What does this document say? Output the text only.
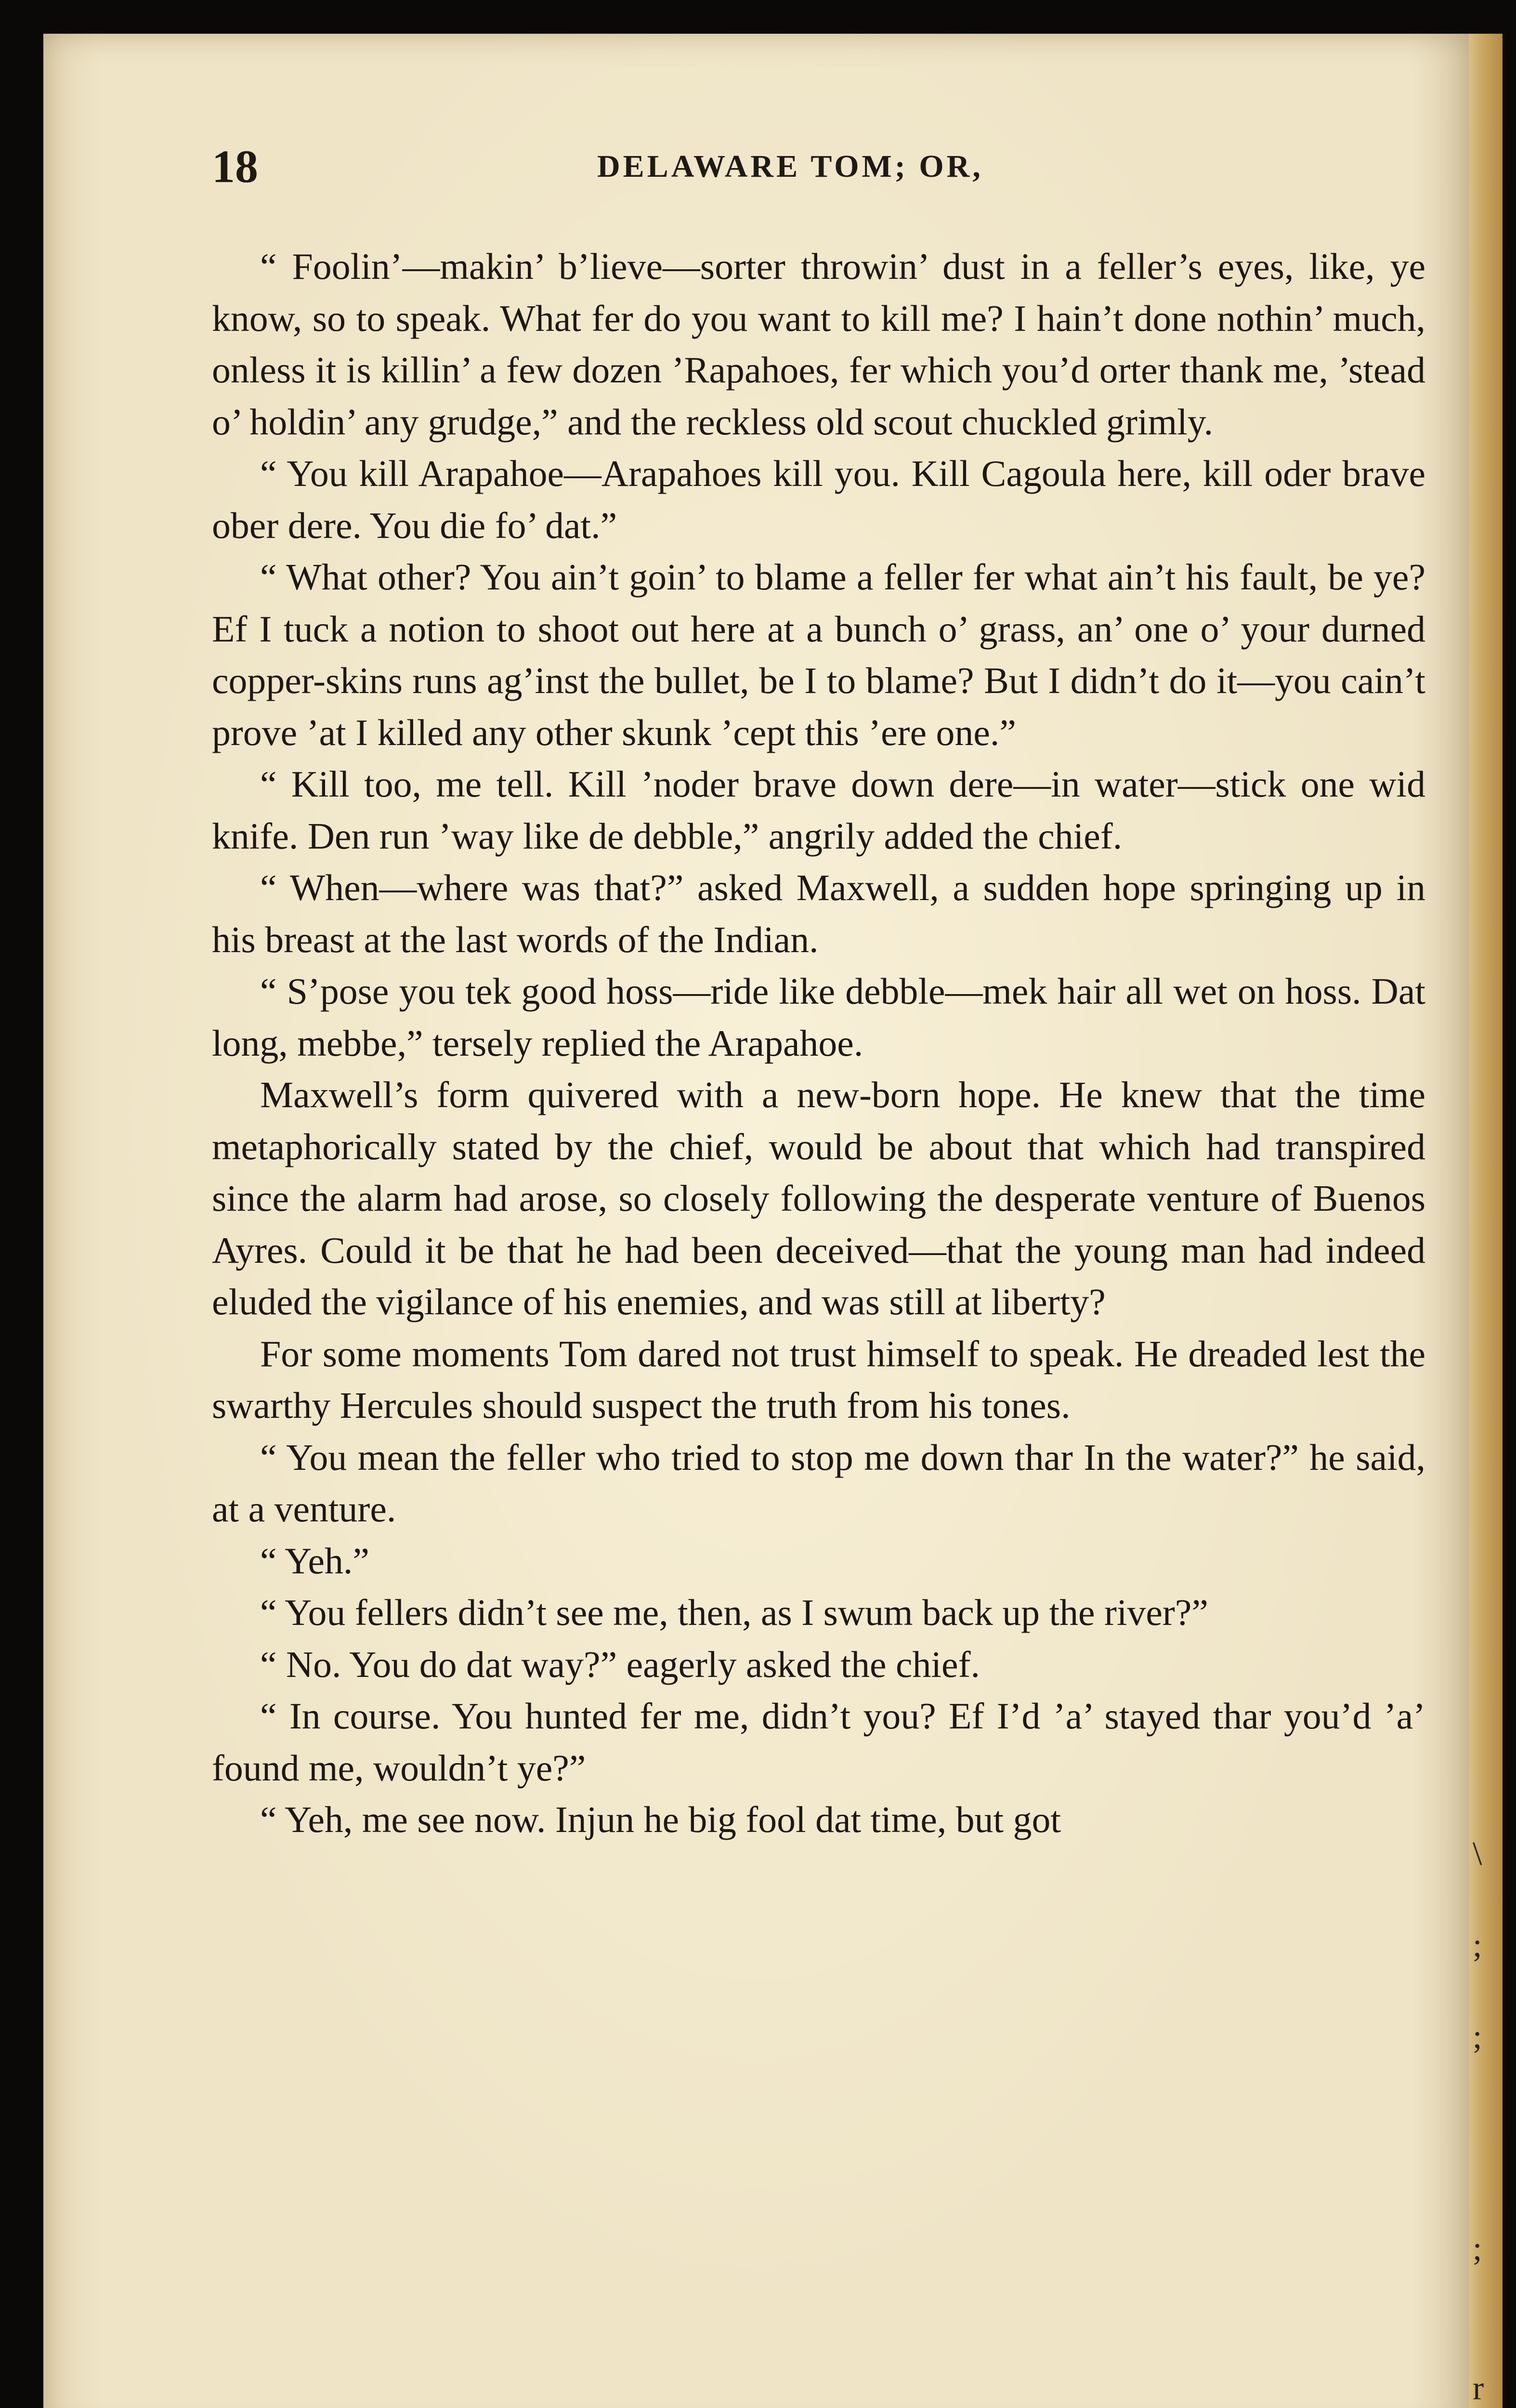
\
;
;
;
r
18	DELAWARE TOM; OR,

“ Foolin’—makin’ b’lieve—sorter throwin’ dust in a feller’s eyes, like, ye know, so to speak. What fer do you want to kill me? I hain’t done nothin’ much, onless it is killin’ a few dozen ’Rapahoes, fer which you’d orter thank me, ’stead o’ holdin’ any grudge,” and the reckless old scout chuckled grimly.

“ You kill Arapahoe—Arapahoes kill you. Kill Cagoula here, kill oder brave ober dere. You die fo’ dat.”

“ What other? You ain’t goin’ to blame a feller fer what ain’t his fault, be ye? Ef I tuck a notion to shoot out here at a bunch o’ grass, an’ one o’ your durned copper-skins runs ag’inst the bullet, be I to blame? But I didn’t do it—you cain’t prove ’at I killed any other skunk ’cept this ’ere one.”

“ Kill too, me tell. Kill ’noder brave down dere—in water—stick one wid knife. Den run ’way like de debble,” angrily added the chief.

“ When—where was that?” asked Maxwell, a sudden hope springing up in his breast at the last words of the Indian.

“ S’pose you tek good hoss—ride like debble—mek hair all wet on hoss. Dat long, mebbe,” tersely replied the Arapahoe.

Maxwell’s form quivered with a new-born hope. He knew that the time metaphorically stated by the chief, would be about that which had transpired since the alarm had arose, so closely following the desperate venture of Buenos Ayres. Could it be that he had been deceived—that the young man had indeed eluded the vigilance of his enemies, and was still at liberty?

For some moments Tom dared not trust himself to speak. He dreaded lest the swarthy Hercules should suspect the truth from his tones.

“ You mean the feller who tried to stop me down thar In the water?” he said, at a venture.

“ Yeh.”

“ You fellers didn’t see me, then, as I swum back up the river?”

“ No. You do dat way?” eagerly asked the chief.

“ In course. You hunted fer me, didn’t you? Ef I’d ’a’ stayed thar you’d ’a’ found me, wouldn’t ye?”

“ Yeh, me see now. Injun he big fool dat time, but got
